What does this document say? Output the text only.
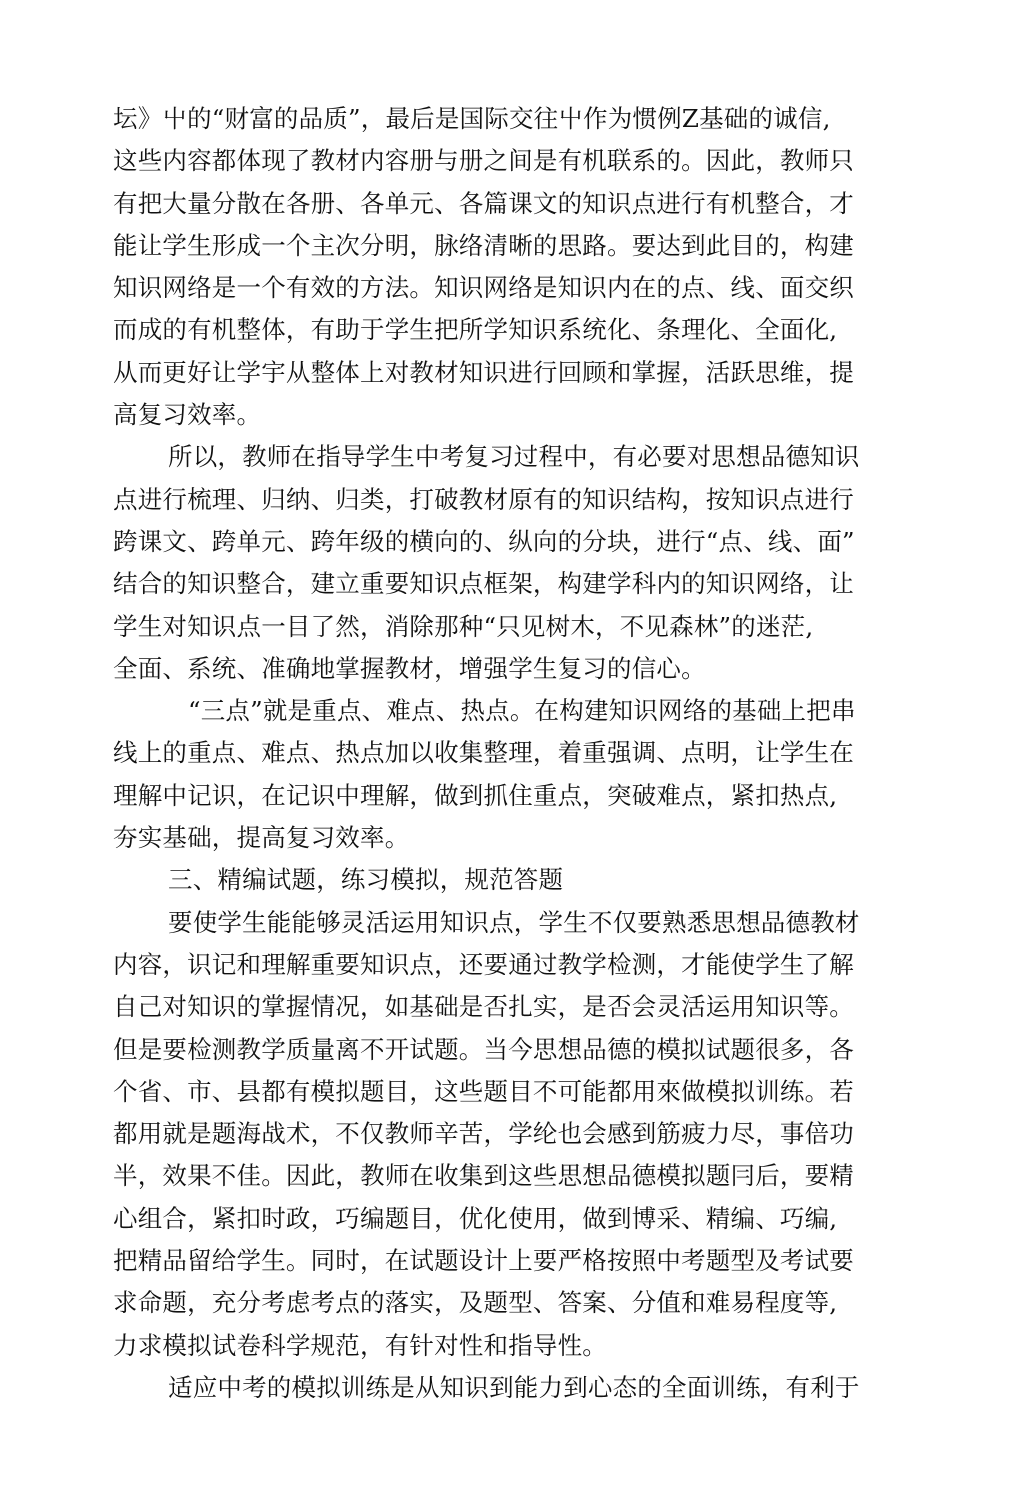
坛》屮的“财富的品质”，最后是国际交往屮作为惯例Z基础的诚信,
这些内容都体现了教材内容册与册之间是有机联系的。因此，教师只
有把大量分散在各册、各单元、各篇课文的知识点进行有机整合，才
能让学生形成一个主次分明，脉络清晰的思路。要达到此目的，构建
知识网络是一个有效的方法。知识网络是知识内在的点、线、面交织
而成的有机整体，有助于学生把所学知识系统化、条理化、全面化,
从而更好让学宇从整体上对教材知识进行回顾和掌握，活跃思维，提
高复习效率。
所以，教师在指导学生中考复习过程中，有必要对思想品德知识
点进行梳理、归纳、归类，打破教材原有的知识结构，按知识点进行
跨课文、跨单元、跨年级的横向的、纵向的分块，进行“点、线、面”
结合的知识整合，建立重要知识点框架，构建学科内的知识网络，让
学生对知识点一目了然，消除那种“只见树木，不见森林”的迷茫,
全面、系统、准确地掌握教材，增强学生复习的信心。
“三点”就是重点、难点、热点。在构建知识网络的基础上把串
线上的重点、难点、热点加以收集整理，着重强调、点明，让学生在
理解中记识，在记识中理解，做到抓住重点，突破难点，紧扣热点,
夯实基础，提高复习效率。
三、精编试题，练习模拟，规范答题
要使学生能能够灵活运用知识点，学生不仅要熟悉思想品德教材
内容，识记和理解重要知识点，还要通过教学检测，才能使学生了解
自己对知识的掌握情况，如基础是否扎实，是否会灵活运用知识等。
但是要检测教学质量离不开试题。当今思想品德的模拟试题很多，各
个省、市、县都有模拟题目，这些题目不可能都用來做模拟训练。若
都用就是题海战术，不仅教师辛苦，学纶也会感到筋疲力尽，事倍功
半，效果不佳。因此，教师在收集到这些思想品德模拟题冃后，要精
心组合，紧扣时政，巧编题目，优化使用，做到博采、精编、巧编,
把精品留给学生。同时，在试题设计上要严格按照中考题型及考试要
求命题，充分考虑考点的落实，及题型、答案、分值和难易程度等,
力求模拟试卷科学规范，有针对性和指导性。
适应中考的模拟训练是从知识到能力到心态的全面训练，有利于
